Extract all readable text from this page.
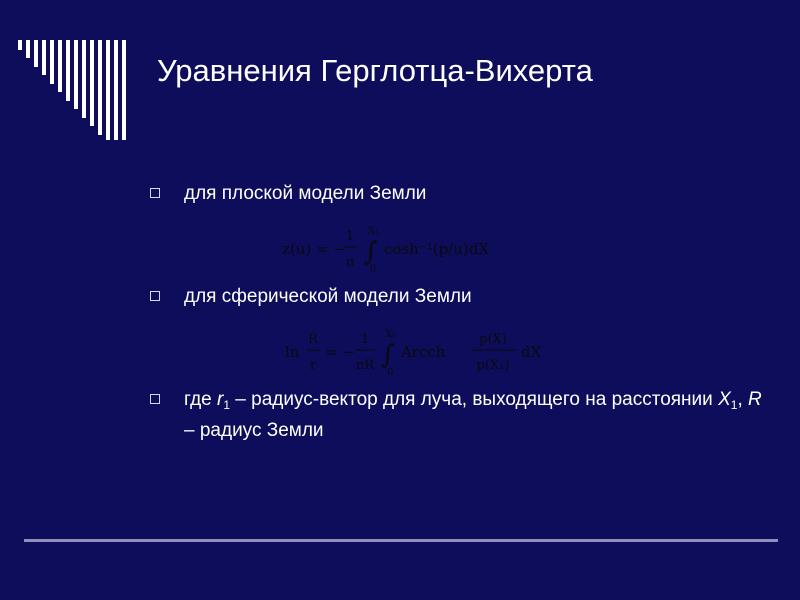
Уравнения Герглотца-Вихерта
для плоской модели Земли
z(u) = −
1
π
X₁
∫
0
cosh⁻¹(p/u)dX
для сферической модели Земли
ln
R
r
= −
1
πR
X₁
∫
0
Arcch
p(X)
p(X₁)
dX
где $r_1$ – радиус-вектор для луча, выходящего на расстоянии $X_1$, R – радиус Земли
